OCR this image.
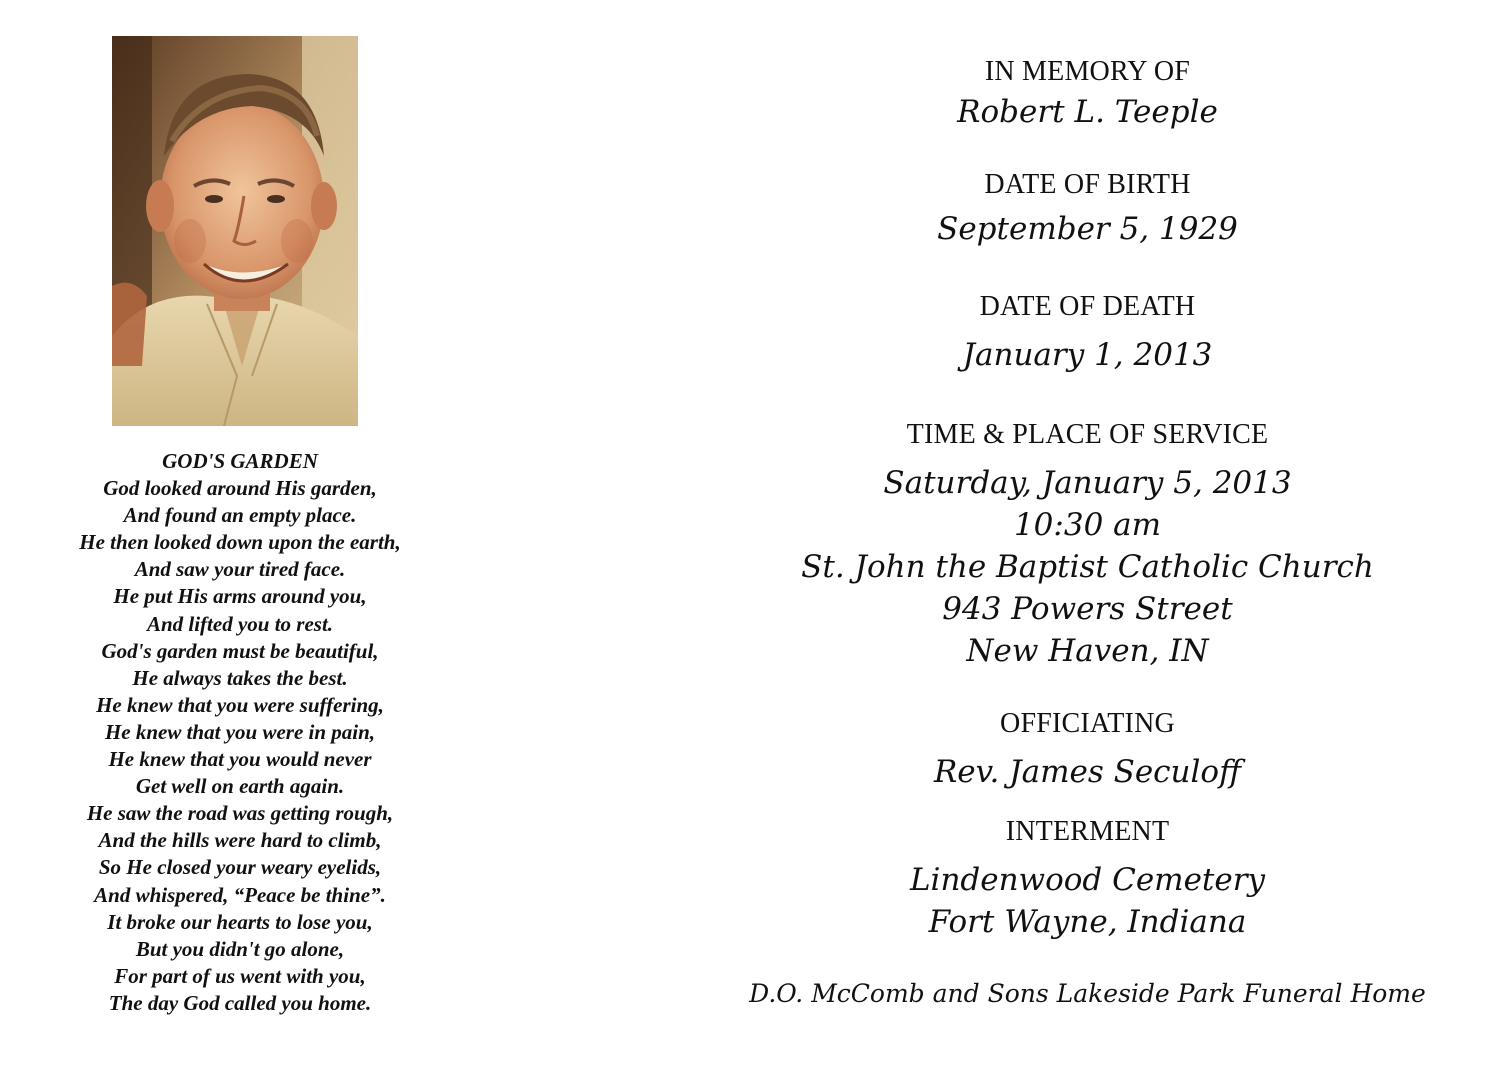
GOD'S GARDEN
God looked around His garden,
And found an empty place.
He then looked down upon the earth,
And saw your tired face.
He put His arms around you,
And lifted you to rest.
God's garden must be beautiful,
He always takes the best.
He knew that you were suffering,
He knew that you were in pain,
He knew that you would never
Get well on earth again.
He saw the road was getting rough,
And the hills were hard to climb,
So He closed your weary eyelids,
And whispered, “Peace be thine”.
It broke our hearts to lose you,
But you didn't go alone,
For part of us went with you,
The day God called you home.
IN MEMORY OF
Robert L. Teeple
DATE OF BIRTH
September 5, 1929
DATE OF DEATH
January 1, 2013
TIME & PLACE OF SERVICE
Saturday, January 5, 2013
10:30 am
St. John the Baptist Catholic Church
943 Powers Street
New Haven, IN
OFFICIATING
Rev. James Seculoff
INTERMENT
Lindenwood Cemetery
Fort Wayne, Indiana
D.O. McComb and Sons Lakeside Park Funeral Home
